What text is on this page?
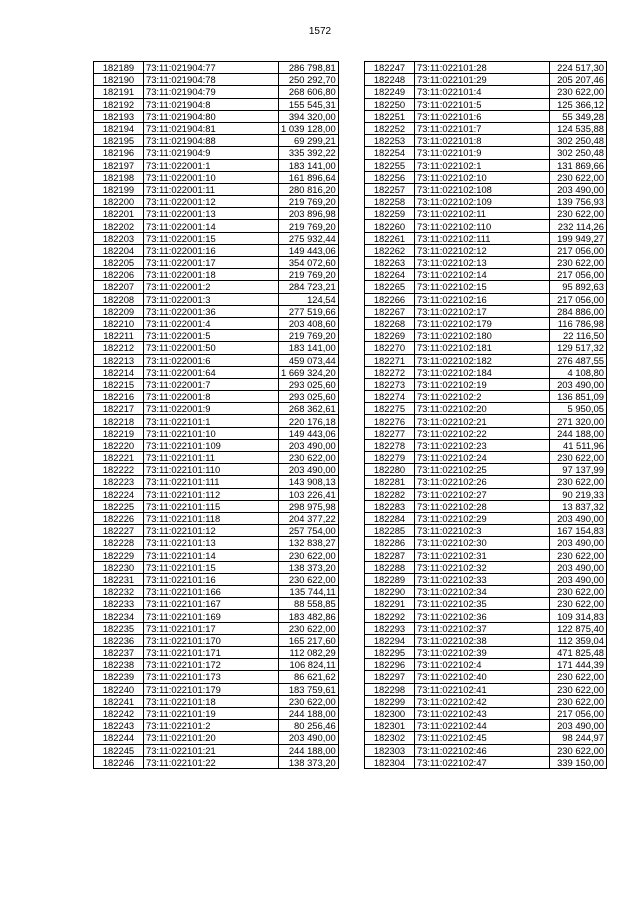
1572
182189	73:11:021904:77	286 798,81
182190	73:11:021904:78	250 292,70
182191	73:11:021904:79	268 606,80
182192	73:11:021904:8	155 545,31
182193	73:11:021904:80	394 320,00
182194	73:11:021904:81	1 039 128,00
182195	73:11:021904:88	69 299,21
182196	73:11:021904:9	335 392,22
182197	73:11:022001:1	183 141,00
182198	73:11:022001:10	161 896,64
182199	73:11:022001:11	280 816,20
182200	73:11:022001:12	219 769,20
182201	73:11:022001:13	203 896,98
182202	73:11:022001:14	219 769,20
182203	73:11:022001:15	275 932,44
182204	73:11:022001:16	149 443,06
182205	73:11:022001:17	354 072,60
182206	73:11:022001:18	219 769,20
182207	73:11:022001:2	284 723,21
182208	73:11:022001:3	124,54
182209	73:11:022001:36	277 519,66
182210	73:11:022001:4	203 408,60
182211	73:11:022001:5	219 769,20
182212	73:11:022001:50	183 141,00
182213	73:11:022001:6	459 073,44
182214	73:11:022001:64	1 669 324,20
182215	73:11:022001:7	293 025,60
182216	73:11:022001:8	293 025,60
182217	73:11:022001:9	268 362,61
182218	73:11:022101:1	220 176,18
182219	73:11:022101:10	149 443,06
182220	73:11:022101:109	203 490,00
182221	73:11:022101:11	230 622,00
182222	73:11:022101:110	203 490,00
182223	73:11:022101:111	143 908,13
182224	73:11:022101:112	103 226,41
182225	73:11:022101:115	298 975,98
182226	73:11:022101:118	204 377,22
182227	73:11:022101:12	257 754,00
182228	73:11:022101:13	132 838,27
182229	73:11:022101:14	230 622,00
182230	73:11:022101:15	138 373,20
182231	73:11:022101:16	230 622,00
182232	73:11:022101:166	135 744,11
182233	73:11:022101:167	88 558,85
182234	73:11:022101:169	183 482,86
182235	73:11:022101:17	230 622,00
182236	73:11:022101:170	165 217,60
182237	73:11:022101:171	112 082,29
182238	73:11:022101:172	106 824,11
182239	73:11:022101:173	86 621,62
182240	73:11:022101:179	183 759,61
182241	73:11:022101:18	230 622,00
182242	73:11:022101:19	244 188,00
182243	73:11:022101:2	80 256,46
182244	73:11:022101:20	203 490,00
182245	73:11:022101:21	244 188,00
182246	73:11:022101:22	138 373,20
182247	73:11:022101:28	224 517,30
182248	73:11:022101:29	205 207,46
182249	73:11:022101:4	230 622,00
182250	73:11:022101:5	125 366,12
182251	73:11:022101:6	55 349,28
182252	73:11:022101:7	124 535,88
182253	73:11:022101:8	302 250,48
182254	73:11:022101:9	302 250,48
182255	73:11:022102:1	131 869,66
182256	73:11:022102:10	230 622,00
182257	73:11:022102:108	203 490,00
182258	73:11:022102:109	139 756,93
182259	73:11:022102:11	230 622,00
182260	73:11:022102:110	232 114,26
182261	73:11:022102:111	199 949,27
182262	73:11:022102:12	217 056,00
182263	73:11:022102:13	230 622,00
182264	73:11:022102:14	217 056,00
182265	73:11:022102:15	95 892,63
182266	73:11:022102:16	217 056,00
182267	73:11:022102:17	284 886,00
182268	73:11:022102:179	116 786,98
182269	73:11:022102:180	22 116,50
182270	73:11:022102:181	129 517,32
182271	73:11:022102:182	276 487,55
182272	73:11:022102:184	4 108,80
182273	73:11:022102:19	203 490,00
182274	73:11:022102:2	136 851,09
182275	73:11:022102:20	5 950,05
182276	73:11:022102:21	271 320,00
182277	73:11:022102:22	244 188,00
182278	73:11:022102:23	41 511,96
182279	73:11:022102:24	230 622,00
182280	73:11:022102:25	97 137,99
182281	73:11:022102:26	230 622,00
182282	73:11:022102:27	90 219,33
182283	73:11:022102:28	13 837,32
182284	73:11:022102:29	203 490,00
182285	73:11:022102:3	167 154,83
182286	73:11:022102:30	203 490,00
182287	73:11:022102:31	230 622,00
182288	73:11:022102:32	203 490,00
182289	73:11:022102:33	203 490,00
182290	73:11:022102:34	230 622,00
182291	73:11:022102:35	230 622,00
182292	73:11:022102:36	109 314,83
182293	73:11:022102:37	122 875,40
182294	73:11:022102:38	112 359,04
182295	73:11:022102:39	471 825,48
182296	73:11:022102:4	171 444,39
182297	73:11:022102:40	230 622,00
182298	73:11:022102:41	230 622,00
182299	73:11:022102:42	230 622,00
182300	73:11:022102:43	217 056,00
182301	73:11:022102:44	203 490,00
182302	73:11:022102:45	98 244,97
182303	73:11:022102:46	230 622,00
182304	73:11:022102:47	339 150,00
